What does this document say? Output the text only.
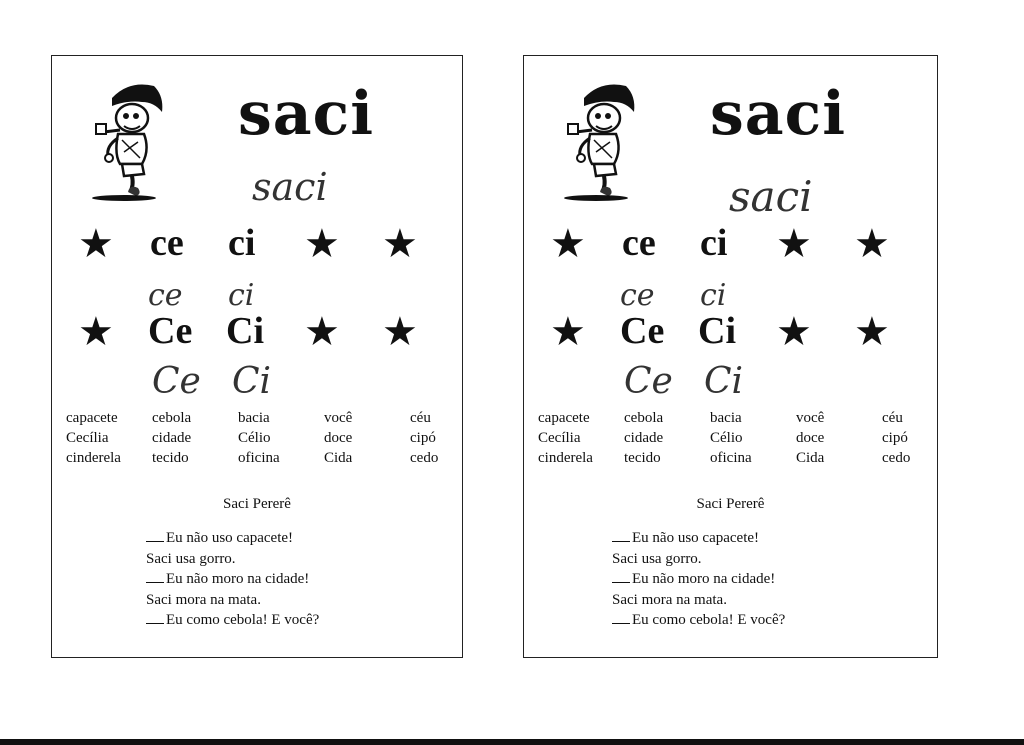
saci
saci
★ ce ci ★ ★
ce ci
★ Ce Ci ★ ★
Ce Ci
capacete
Cecília
cinderela
cebola
cidade
tecido
bacia
Célio
oficina
você
doce
Cida
céu
cipó
cedo
Saci Pererê
Eu não uso capacete!
Saci usa gorro.
Eu não moro na cidade!
Saci mora na mata.
Eu como cebola! E você?
saci
saci
★ ce ci ★ ★
ce ci
★ Ce Ci ★ ★
Ce Ci
capacete
Cecília
cinderela
cebola
cidade
tecido
bacia
Célio
oficina
você
doce
Cida
céu
cipó
cedo
Saci Pererê
Eu não uso capacete!
Saci usa gorro.
Eu não moro na cidade!
Saci mora na mata.
Eu como cebola! E você?
